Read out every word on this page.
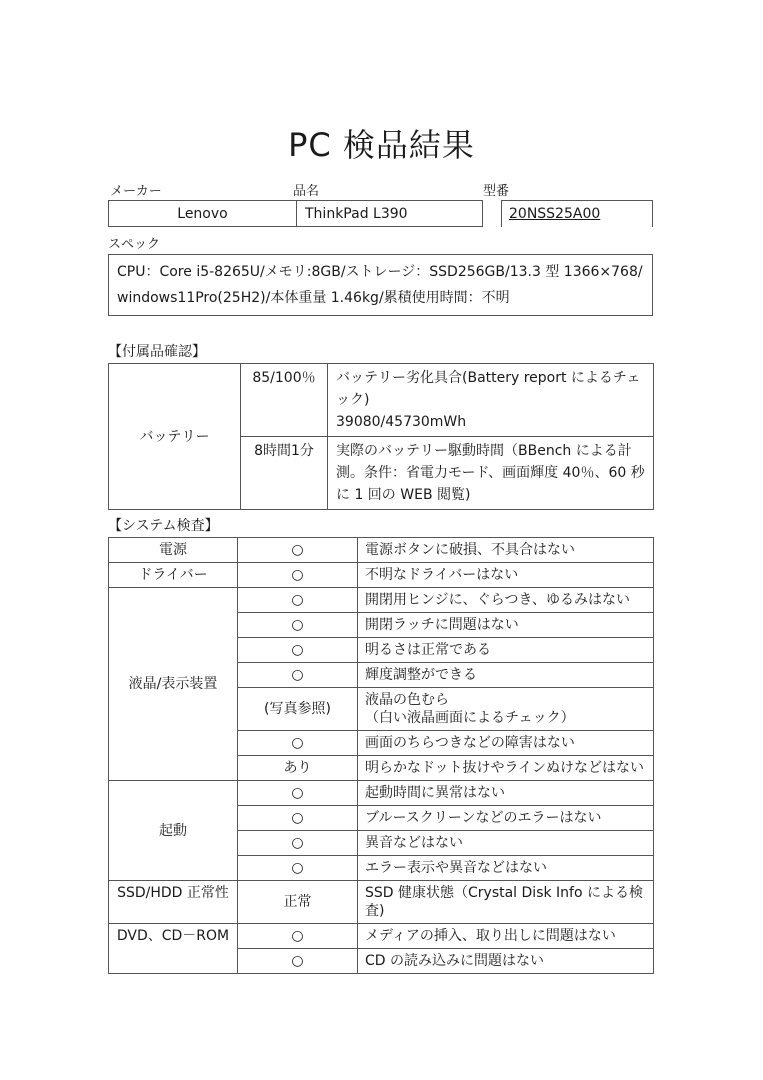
PC 検品結果
メーカー	品名	型番
Lenovo	ThinkPad L390	20NSS25A00
スペック
CPU：Core i5-8265U/メモリ:8GB/ストレージ：SSD256GB/13.3 型 1366×768/
windows11Pro(25H2)/本体重量 1.46kg/累積使用時間：不明
【付属品確認】
バッテリー	85/100％	バッテリー劣化具合(Battery report によるチェック)
39080/45730mWh

	8時間1分	実際のバッテリー駆動時間（BBench による計測。条件：省電力モード、画面輝度 40％、60 秒に 1 回の WEB 閲覧)
【システム検査】
電源	○	電源ボタンに破損、不具合はない

ドライバー	○	不明なドライバーはない

液晶/表示装置	○	開閉用ヒンジに、ぐらつき、ゆるみはない

	○	開閉ラッチに問題はない

	○	明るさは正常である

	○	輝度調整ができる

	(写真参照)	液晶の色むら
（白い液晶画面によるチェック）

	○	画面のちらつきなどの障害はない

	あり	明らかなドット抜けやラインぬけなどはない

起動	○	起動時間に異常はない

	○	ブルースクリーンなどのエラーはない

	○	異音などはない

	○	エラー表示や異音などはない

SSD/HDD 正常性	正常	SSD 健康状態（Crystal Disk Info による検査)

DVD、CD－ROM	○	メディアの挿入、取り出しに問題はない

	○	CD の読み込みに問題はない
